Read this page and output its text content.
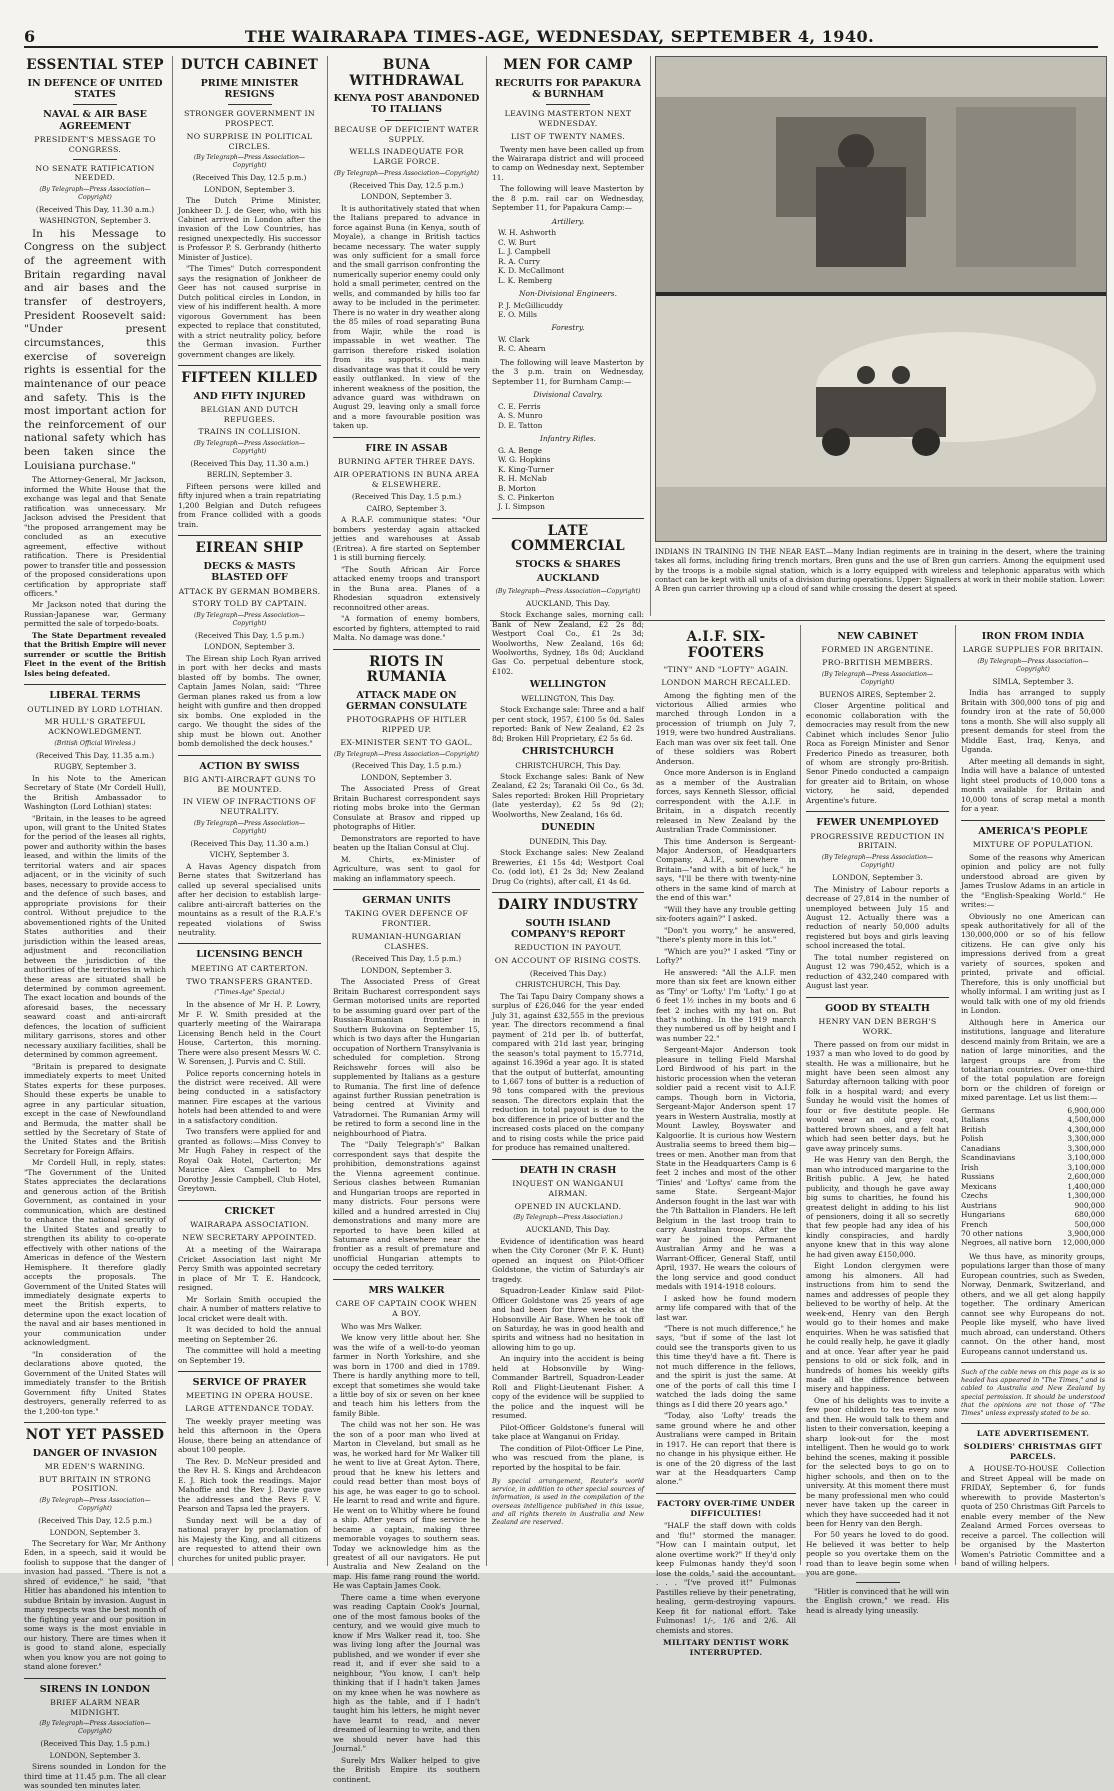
6	THE WAIRARAPA TIMES-AGE, WEDNESDAY, SEPTEMBER 4, 1940.
ESSENTIAL STEP
IN DEFENCE OF UNITED STATES
NAVAL & AIR BASE AGREEMENT
PRESIDENT'S MESSAGE TO CONGRESS.
NO SENATE RATIFICATION NEEDED.
(By Telegraph—Press Association—Copyright)
(Received This Day, 11.30 a.m.)
WASHINGTON, September 3.

In his Message to Congress on the subject of the agreement with Britain regarding naval and air bases and the transfer of destroyers, President Roosevelt said: "Under present circumstances, this exercise of sovereign rights is essential for the maintenance of our peace and safety. This is the most important action for the reinforcement of our national safety which has been taken since the Louisiana purchase."

The Attorney-General, Mr Jackson, informed the White House that the exchange was legal and that Senate ratification was unnecessary. Mr Jackson advised the President that "the proposed arrangement may be concluded as an executive agreement, effective without ratification. There is Presidential power to transfer title and possession of the proposed considerations upon certification by appropriate staff officers."

Mr Jackson noted that during the Russian-Japanese war, Germany permitted the sale of torpedo-boats.

The State Department revealed that the British Empire will never surrender or scuttle the British Fleet in the event of the British Isles being defeated.

LIBERAL TERMS
OUTLINED BY LORD LOTHIAN.
MR HULL'S GRATEFUL ACKNOWLEDGMENT.
(British Official Wireless.)
(Received This Day, 11.35 a.m.)
RUGBY, September 3.

In his Note to the American Secretary of State (Mr Cordell Hull), the British Ambassador to Washington (Lord Lothian) states:

"Britain, in the leases to be agreed upon, will grant to the United States for the period of the leases all rights, power and authority within the bases leased, and within the limits of the territorial waters and air spaces adjacent, or in the vicinity of such bases, necessary to provide access to and the defence of such bases, and appropriate provisions for their control. Without prejudice to the abovementioned rights of the United States authorities and their jurisdiction within the leased areas, adjustment and reconciliation between the jurisdiction of the authorities of the territories in which these areas are situated shall be determined by common agreement. The exact location and bounds of the aforesaid bases, the necessary seaward coast and anti-aircraft defences, the location of sufficient military garrisons, stores and other necessary auxiliary facilities, shall be determined by common agreement.

"Britain is prepared to designate immediately experts to meet United States experts for these purposes. Should these experts be unable to agree in any particular situation, except in the case of Newfoundland and Bermuda, the matter shall be settled by the Secretary of State of the United States and the British Secretary for Foreign Affairs.

Mr Cordell Hull, in reply, states: "The Government of the United States appreciates the declarations and generous action of the British Government, as contained in your communication, which are destined to enhance the national security of the United States and greatly to strengthen its ability to co-operate effectively with other nations of the Americas in defence of the Western Hemisphere. It therefore gladly accepts the proposals. The Government of the United States will immediately designate experts to meet the British experts, to determine upon the exact location of the naval and air bases mentioned in your communication under acknowledgment.

"In consideration of the declarations above quoted, the Government of the United States will immediately transfer to the British Government fifty United States destroyers, generally referred to as the 1,200-ton type."

NOT YET PASSED
DANGER OF INVASION
MR EDEN'S WARNING.
BUT BRITAIN IN STRONG POSITION.
(By Telegraph—Press Association—Copyright)
(Received This Day, 12.5 p.m.)
LONDON, September 3.

The Secretary for War, Mr Anthony Eden, in a speech, said it would be foolish to suppose that the danger of invasion had passed. "There is not a shred of evidence," he said, "that Hitler has abandoned his intention to subdue Britain by invasion. August in many respects was the best month of the fighting year and our position in some ways is the most enviable in our history. There are times when it is good to stand alone, especially when you know you are not going to stand alone forever."

SIRENS IN LONDON
BRIEF ALARM NEAR MIDNIGHT.
(By Telegraph—Press Association—Copyright)
(Received This Day, 1.5 p.m.)
LONDON, September 3.

Sirens sounded in London for the third time at 11.45 p.m. The all clear was sounded ten minutes later.

DUTCH CABINET
PRIME MINISTER RESIGNS
STRONGER GOVERNMENT IN PROSPECT.
NO SURPRISE IN POLITICAL CIRCLES.
(By Telegraph—Press Association—Copyright)
(Received This Day, 12.5 p.m.)
LONDON, September 3.

The Dutch Prime Minister, Jonkheer D. J. de Geer, who, with his Cabinet arrived in London after the invasion of the Low Countries, has resigned unexpectedly. His successor is Professor P. S. Gerbrandy (hitherto Minister of Justice).

"The Times" Dutch correspondent says the resignation of Jonkheer de Geer has not caused surprise in Dutch political circles in London, in view of his indifferent health. A more vigorous Government has been expected to replace that constituted, with a strict neutrality policy, before the German invasion. Further government changes are likely.

FIFTEEN KILLED
AND FIFTY INJURED
BELGIAN AND DUTCH REFUGEES.
TRAINS IN COLLISION.
(By Telegraph—Press Association—Copyright)
(Received This Day, 11.30 a.m.)
BERLIN, September 3.

Fifteen persons were killed and fifty injured when a train repatriating 1,200 Belgian and Dutch refugees from France collided with a goods train.

EIREAN SHIP
DECKS & MASTS BLASTED OFF
ATTACK BY GERMAN BOMBERS.
STORY TOLD BY CAPTAIN.
(By Telegraph—Press Association—Copyright)
(Received This Day, 1.5 p.m.)
LONDON, September 3.

The Eirean ship Loch Ryan arrived in port with her decks and masts blasted off by bombs. The owner, Captain James Nolan, said: "Three German planes raked us from a low height with gunfire and then dropped six bombs. One exploded in the cargo. We thought the sides of the ship must be blown out. Another bomb demolished the deck houses."

ACTION BY SWISS
BIG ANTI-AIRCRAFT GUNS TO BE MOUNTED.
IN VIEW OF INFRACTIONS OF NEUTRALITY.
(By Telegraph—Press Association—Copyright)
(Received This Day, 11.30 a.m.)
VICHY, September 3.

A Havas Agency dispatch from Berne states that Switzerland has called up several specialised units after her decision to establish large-calibre anti-aircraft batteries on the mountains as a result of the R.A.F.'s repeated violations of Swiss neutrality.

LICENSING BENCH
MEETING AT CARTERTON.
TWO TRANSFERS GRANTED.
("Times-Age" Special.)

In the absence of Mr H. P. Lowry, Mr F. W. Smith presided at the quarterly meeting of the Wairarapa Licensing Bench held in the Court House, Carterton, this morning. There were also present Messrs W. C. W. Sorensen, J. Purvis and C. Still.

Police reports concerning hotels in the district were received. All were being conducted in a satisfactory manner. Fire escapes at the various hotels had been attended to and were in a satisfactory condition.

Two transfers were applied for and granted as follows:—Miss Convey to Mr Hugh Fahey in respect of the Royal Oak Hotel, Carterton; Mr Maurice Alex Campbell to Mrs Dorothy Jessie Campbell, Club Hotel, Greytown.

CRICKET
WAIRARAPA ASSOCIATION.
NEW SECRETARY APPOINTED.

At a meeting of the Wairarapa Cricket Association last night Mr Percy Smith was appointed secretary in place of Mr T. E. Handcock, resigned.

Mr Sorlain Smith occupied the chair. A number of matters relative to local cricket were dealt with.

It was decided to hold the annual meeting on September 26.

The committee will hold a meeting on September 19.

SERVICE OF PRAYER
MEETING IN OPERA HOUSE.
LARGE ATTENDANCE TODAY.

The weekly prayer meeting was held this afternoon in the Opera House, there being an attendance of about 100 people.

The Rev. D. McNeur presided and the Rev H. S. Kings and Archdeacon E. J. Rich took the readings. Major Mahoffie and the Rev J. Davie gave the addresses and the Revs F. V. Pearson and Tapsa led the prayers.

Sunday next will be a day of national prayer by proclamation of his Majesty the King, and all citizens are requested to attend their own churches for united public prayer.

BUNA WITHDRAWAL
KENYA POST ABANDONED TO ITALIANS
BECAUSE OF DEFICIENT WATER SUPPLY.
WELLS INADEQUATE FOR LARGE FORCE.
(By Telegraph—Press Association—Copyright)
(Received This Day, 12.5 p.m.)
LONDON, September 3.

It is authoritatively stated that when the Italians prepared to advance in force against Buna (in Kenya, south of Moyale), a change in British tactics became necessary. The water supply was only sufficient for a small force and the small garrison confronting the numerically superior enemy could only hold a small perimeter, centred on the wells, and commanded by hills too far away to be included in the perimeter. There is no water in dry weather along the 85 miles of road separating Buna from Wajir, while the road is impassable in wet weather. The garrison therefore risked isolation from its supports. Its main disadvantage was that it could be very easily outflanked. In view of the inherent weakness of the position, the advance guard was withdrawn on August 29, leaving only a small force and a more favourable position was taken up.

FIRE IN ASSAB
BURNING AFTER THREE DAYS.
AIR OPERATIONS IN BUNA AREA & ELSEWHERE.
(Received This Day, 1.5 p.m.)
CAIRO, September 3.

A R.A.F. communique states: "Our bombers yesterday again attacked jetties and warehouses at Assab (Eritrea). A fire started on September 1 is still burning fiercely.

"The South African Air Force attacked enemy troops and transport in the Buna area. Planes of a Rhodesian squadron extensively reconnoitred other areas.

"A formation of enemy bombers, escorted by fighters, attempted to raid Malta. No damage was done."

RIOTS IN RUMANIA
ATTACK MADE ON GERMAN CONSULATE
PHOTOGRAPHS OF HITLER RIPPED UP.
EX-MINISTER SENT TO GAOL.
(By Telegraph—Press Association—Copyright)
(Received This Day, 1.5 p.m.)
LONDON, September 3.

The Associated Press of Great Britain Bucharest correspondent says rioting mobs broke into the German Consulate at Brasov and ripped up photographs of Hitler.

Demonstrators are reported to have beaten up the Italian Consul at Cluj.

M. Chirts, ex-Minister of Agriculture, was sent to gaol for making an inflammatory speech.

GERMAN UNITS
TAKING OVER DEFENCE OF FRONTIER.
RUMANIAN-HUNGARIAN CLASHES.
(Received This Day, 1.5 p.m.)
LONDON, September 3.

The Associated Press of Great Britain Bucharest correspondent says German motorised units are reported to be assuming guard over part of the Russian-Rumanian frontier in Southern Bukovina on September 15, which is two days after the Hungarian occupation of Northern Transylvania is scheduled for completion. Strong Reichswehr forces will also be supplemented by Italians as a gesture to Rumania. The first line of defence against further Russian penetration is being centred at Vivinity and Vatradornei. The Rumanian Army will be retired to form a second line in the neighbourhood of Piatra.

The "Daily Telegraph's" Balkan correspondent says that despite the prohibition, demonstrations against the Vienna agreement continue. Serious clashes between Rumanian and Hungarian troops are reported in many districts. Four persons were killed and a hundred arrested in Cluj demonstrations and many more are reported to have been killed at Satumare and elsewhere near the frontier as a result of premature and unofficial Hungarian attempts to occupy the ceded territory.

MRS WALKER
CARE OF CAPTAIN COOK WHEN A BOY.

Who was Mrs Walker.

We know very little about her. She was the wife of a well-to-do yeoman farmer in North Yorkshire, and she was born in 1700 and died in 1789. There is hardly anything more to tell, except that sometimes she would take a little boy of six or seven on her knee and teach him his letters from the family Bible.

The child was not her son. He was the son of a poor man who lived at Marton in Cleveland, but small as he was, he worked hard for Mr Walker till he went to live at Great Ayton. There, proud that he knew his letters and could read better than most boys of his age, he was eager to go to school. He learnt to read and write and figure. He went on to Whitby where he found a ship. After years of fine service he became a captain, making three memorable voyages to southern seas. Today we acknowledge him as the greatest of all our navigators. He put Australia and New Zealand on the map. His fame rang round the world. He was Captain James Cook.

There came a time when everyone was reading Captain Cook's Journal, one of the most famous books of the century, and we would give much to know if Mrs Walker read it, too. She was living long after the Journal was published, and we wonder if ever she read it, and if ever she said to a neighbour, "You know, I can't help thinking that if I hadn't taken James on my knee when he was nowhere as high as the table, and if I hadn't taught him his letters, he might never have learnt to read, and never dreamed of learning to write, and then we should never have had this Journal."

Surely Mrs Walker helped to give the British Empire its southern continent.

MEN FOR CAMP
RECRUITS FOR PAPAKURA & BURNHAM
LEAVING MASTERTON NEXT WEDNESDAY.
LIST OF TWENTY NAMES.

Twenty men have been called up from the Wairarapa district and will proceed to camp on Wednesday next, September 11.

The following will leave Masterton by the 8 p.m. rail car on Wednesday, September 11, for Papakura Camp:—

Artillery.
W. H. Ashworth
C. W. Burt
L. J. Campbell
R. A. Curry
K. D. McCallmont
L. K. Remberg
Non-Divisional Engineers.
P. J. McGillicuddy
E. O. Mills
Forestry.
W. Clark
R. C. Ahearn

The following will leave Masterton by the 3 p.m. train on Wednesday, September 11, for Burnham Camp:—

Divisional Cavalry.
C. E. Ferris
A. S. Munro
D. E. Tatton
Infantry Rifles.
G. A. Benge
W. G. Hopkins
K. King-Turner
R. H. McNab
B. Morton
S. C. Pinkerton
J. I. Simpson
LATE COMMERCIAL
STOCKS & SHARES
AUCKLAND
(By Telegraph—Press Association—Copyright)
AUCKLAND, This Day.

Stock Exchange sales, morning call: Bank of New Zealand, £2 2s 8d; Westport Coal Co., £1 2s 3d; Woolworths, New Zealand, 16s 6d; Woolworths, Sydney, 18s 0d; Auckland Gas Co. perpetual debenture stock, £102.

WELLINGTON
WELLINGTON, This Day.

Stock Exchange sale: Three and a half per cent stock, 1957, £100 5s 0d. Sales reported: Bank of New Zealand, £2 2s 8d; Broken Hill Proprietary, £2 5s 6d.

CHRISTCHURCH
CHRISTCHURCH, This Day.

Stock Exchange sales: Bank of New Zealand, £2 2s; Taranaki Oil Co., 6s 3d. Sales reported: Broken Hill Proprietary (late yesterday), £2 5s 9d (2); Woolworths, New Zealand, 16s 6d.

DUNEDIN
DUNEDIN, This Day.

Stock Exchange sales: New Zealand Breweries, £1 15s 4d; Westport Coal Co. (odd lot), £1 2s 3d; New Zealand Drug Co (rights), after call, £1 4s 6d.

DAIRY INDUSTRY
SOUTH ISLAND COMPANY'S REPORT
REDUCTION IN PAYOUT.
ON ACCOUNT OF RISING COSTS.
(Received This Day.)
CHRISTCHURCH, This Day.

The Tai Tapu Dairy Company shows a surplus of £26,046 for the year ended July 31, against £32,555 in the previous year. The directors recommend a final payment of 21d per lb. of butterfat, compared with 21d last year, bringing the season's total payment to 15.771d, against 16.396d a year ago. It is stated that the output of butterfat, amounting to 1,667 tons of butter is a reduction of 98 tons compared with the previous season. The directors explain that the reduction in total payout is due to the box difference in price of butter and the increased costs placed on the company and to rising costs while the price paid for produce has remained unaltered.

DEATH IN CRASH
INQUEST ON WANGANUI AIRMAN.
OPENED IN AUCKLAND.
(By Telegraph—Press Association.)
AUCKLAND, This Day.

Evidence of identification was heard when the City Coroner (Mr F. K. Hunt) opened an inquest on Pilot-Officer Goldstone, the victim of Saturday's air tragedy.

Squadron-Leader Kinlaw said Pilot-Officer Goldstone was 25 years of age and had been for three weeks at the Hobsonville Air Base. When he took off on Saturday, he was in good health and spirits and witness had no hesitation in allowing him to go up.

An inquiry into the accident is being held at Hobsonville by Wing-Commander Bartrell, Squadron-Leader Roll and Flight-Lieutenant Fisher. A copy of the evidence will be supplied to the police and the inquest will be resumed.

Pilot-Officer Goldstone's funeral will take place at Wanganui on Friday.

The condition of Pilot-Officer Le Pine, who was rescued from the plane, is reported by the hospital to be fair.

By special arrangement, Reuter's world service, in addition to other special sources of information, is used in the compilation of the overseas intelligence published in this issue, and all rights therein in Australia and New Zealand are reserved.
INDIANS IN TRAINING IN THE NEAR EAST.—Many Indian regiments are in training in the desert, where the training takes all forms, including firing trench mortars, Bren guns and the use of Bren gun carriers. Among the equipment used by the troops is a mobile signal station, which is a lorry equipped with wireless and telephonic apparatus with which contact can be kept with all units of a division during operations. Upper: Signallers at work in their mobile station. Lower: A Bren gun carrier throwing up a cloud of sand while crossing the desert at speed.
A.I.F. SIX-FOOTERS
"TINY" AND "LOFTY" AGAIN.
LONDON MARCH RECALLED.

Among the fighting men of the victorious Allied armies who marched through London in a procession of triumph on July 7, 1919, were two hundred Australians. Each man was over six feet tall. One of these soldiers was Robert Anderson.

Once more Anderson is in England as a member of the Australian forces, says Kenneth Slessor, official correspondent with the A.I.F. in Britain, in a dispatch recently released in New Zealand by the Australian Trade Commissioner.

This time Anderson is Sergeant-Major Anderson, of Headquarters Company, A.I.F., somewhere in Britain—"and with a bit of luck," he says, "I'll be there with twenty-nine others in the same kind of march at the end of this war."

"Will they have any trouble getting six-footers again?" I asked.

"Don't you worry," he answered, "there's plenty more in this lot."

"Which are you?" I asked "Tiny or Lofty?"

He answered: "All the A.I.F. men more than six feet are known either as 'Tiny' or 'Lofty.' I'm 'Lofty.' I go at 6 feet 1½ inches in my boots and 6 feet 2 inches with my hat on. But that's nothing. In the 1919 march they numbered us off by height and I was number 22."

Sergeant-Major Anderson took pleasure in telling Field Marshal Lord Birdwood of his part in the historic procession when the veteran soldier paid a recent visit to A.I.F. camps. Though born in Victoria, Sergeant-Major Anderson spent 17 years in Western Australia, mostly at Mount Lawley, Boyswater and Kalgoorlie. It is curious how Western Australia seems to breed them big—trees or men. Another man from that State in the Headquarters Camp is 6 feet 2 inches and most of the other 'Tinies' and 'Loftys' came from the same State. Sergeant-Major Anderson fought in the last war with the 7th Battalion in Flanders. He left Belgium in the last troop train to carry Australian troops. After the war he joined the Permanent Australian Army and he was a Warrant-Officer, General Staff, until April, 1937. He wears the colours of the long service and good conduct medals with 1914-1918 colours.

I asked how he found modern army life compared with that of the last war.

"There is not much difference," he says, "but if some of the last lot could see the transports given to us this time they'd have a fit. There is not much difference in the fellows, and the spirit is just the same. At one of the ports of call this time I watched the lads doing the same things as I did there 20 years ago."

"Today, also 'Lofty' treads the same ground where he and other Australians were camped in Britain in 1917. He can report that there is no change in his physique either. He is one of the 20 digress of the last war at the Headquarters Camp alone."

FACTORY OVER-TIME UNDER DIFFICULTIES!

"HALF the staff down with colds and 'flu!" stormed the manager. "How can I maintain output, let alone overtime work?" If they'd only keep Fulmonas handy they'd soon lose the colds," said the accountant. . . . "I've proved it!" Fulmonas Pastilles relieve by their penetrating, healing, germ-destroying vapours. Keep fit for national effort. Take Fulmonas! 1/-, 1/6 and 2/6. All chemists and stores.

MILITARY DENTIST WORK INTERRUPTED.
NEW CABINET
FORMED IN ARGENTINE.
PRO-BRITISH MEMBERS.
(By Telegraph—Press Association—Copyright)
BUENOS AIRES, September 2.

Closer Argentine political and economic collaboration with the democracies may result from the new Cabinet which includes Senor Julio Roca as Foreign Minister and Senor Frederico Pinedo as treasurer, both of whom are strongly pro-British. Senor Pinedo conducted a campaign for greater aid to Britain, on whose victory, he said, depended Argentine's future.

FEWER UNEMPLOYED
PROGRESSIVE REDUCTION IN BRITAIN.
(By Telegraph—Press Association—Copyright)
LONDON, September 3.

The Ministry of Labour reports a decrease of 27,814 in the number of unemployed between July 15 and August 12. Actually there was a reduction of nearly 50,000 adults registered but boys and girls leaving school increased the total.

The total number registered on August 12 was 790,452, which is a reduction of 432,240 compared with August last year.

GOOD BY STEALTH
HENRY VAN DEN BERGH'S WORK.

There passed on from our midst in 1937 a man who loved to do good by stealth. He was a millionaire, but he might have been seen almost any Saturday afternoon talking with poor folk in a hospital ward; and every Sunday he would visit the homes of four or five destitute people. He would wear an old grey coat, battered brown shoes, and a felt hat which had seen better days, but he gave away princely sums.

He was Henry van den Bergh, the man who introduced margarine to the British public. A Jew, he hated publicity, and though he gave away big sums to charities, he found his greatest delight in adding to his list of pensioners, doing it all so secretly that few people had any idea of his kindly conspiracies, and hardly anyone knew that in this way alone he had given away £150,000.

Eight London clergymen were among his almoners. All had instructions from him to send the names and addresses of people they believed to be worthy of help. At the week-end, Henry van den Bergh would go to their homes and make enquiries. When he was satisfied that he could really help, he gave it gladly and at once. Year after year he paid pensions to old or sick folk, and in hundreds of homes his weekly gifts made all the difference between misery and happiness.

One of his delights was to invite a few poor children to tea every now and then. He would talk to them and listen to their conversation, keeping a sharp look-out for the most intelligent. Then he would go to work behind the scenes, making it possible for the selected boys to go on to higher schools, and then on to the university. At this moment there must be many professional men who could never have taken up the career in which they have succeeded had it not been for Henry van den Bergh.

For 50 years he loved to do good. He believed it was better to help people so you overtake them on the road than to leave begin some when you are gone.

"Hitler is convinced that he will win the English crown," we read. His head is already lying uneasily.

IRON FROM INDIA
LARGE SUPPLIES FOR BRITAIN.
(By Telegraph—Press Association—Copyright)
SIMLA, September 3.

India has arranged to supply Britain with 300,000 tons of pig and foundry iron at the rate of 50,000 tons a month. She will also supply all present demands for steel from the Middle East, Iraq, Kenya, and Uganda.

After meeting all demands in sight, India will have a balance of untested light steel products of 10,000 tons a month available for Britain and 10,000 tons of scrap metal a month for a year.

AMERICA'S PEOPLE
MIXTURE OF POPULATION.

Some of the reasons why American opinion and policy are not fully understood abroad are given by James Truslow Adams in an article in the "English-Speaking World." He writes:—

Obviously no one American can speak authoritatively for all of the 130,000,000 or so of his fellow citizens. He can give only his impressions derived from a great variety of sources, spoken and printed, private and official. Therefore, this is only unofficial but wholly informal. I am writing just as I would talk with one of my old friends in London.

Although here in America our institutions, language and literature descend mainly from Britain, we are a nation of large minorities, and the largest groups are from the totalitarian countries. Over one-third of the total population are foreign born or the children of foreign or mixed parentage. Let us list them:—

Germans	6,900,000
Italians	4,500,000
British	4,300,000
Polish	3,300,000
Canadians	3,300,000
Scandinavians	3,100,000
Irish	3,100,000
Russians	2,600,000
Mexicans	1,400,000
Czechs	1,300,000
Austrians	900,000
Hungarians	680,000
French	500,000
70 other nations	3,900,000
Negroes, all native born 12,000,000

We thus have, as minority groups, populations larger than those of many European countries, such as Sweden, Norway, Denmark, Switzerland, and others, and we all get along happily together. The ordinary American cannot see why Europeans do not. People like myself, who have lived much abroad, can understand. Others cannot. On the other hand, most Europeans cannot understand us.

Such of the cable news on this page as is so headed has appeared in "The Times," and is cabled to Australia and New Zealand by special permission. It should be understood that the opinions are not those of "The Times" unless expressly stated to be so.
LATE ADVERTISEMENT.
SOLDIERS' CHRISTMAS GIFT PARCELS.

A HOUSE-TO-HOUSE Collection and Street Appeal will be made on FRIDAY, September 6, for funds wherewith to provide Masterton's quota of 250 Christmas Gift Parcels to enable every member of the New Zealand Armed Forces overseas to receive a parcel. The collection will be organised by the Masterton Women's Patriotic Committee and a band of willing helpers.
